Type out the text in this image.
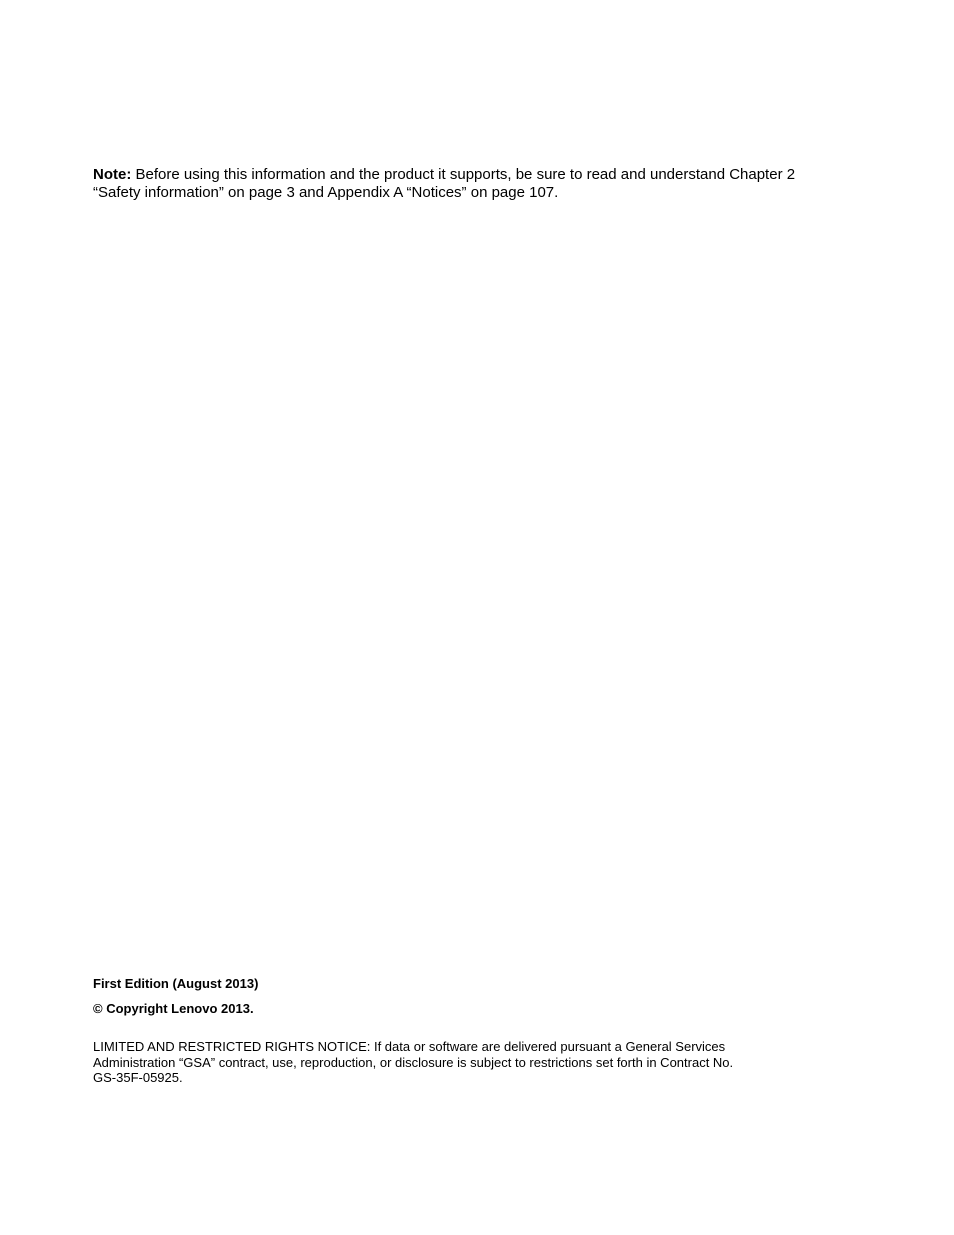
Note: Before using this information and the product it supports, be sure to read and understand Chapter 2
“Safety information” on page 3 and Appendix A “Notices” on page 107.

First Edition (August 2013)

© Copyright Lenovo 2013.

LIMITED AND RESTRICTED RIGHTS NOTICE: If data or software are delivered pursuant a General Services
Administration “GSA” contract, use, reproduction, or disclosure is subject to restrictions set forth in Contract No.
GS-35F-05925.
